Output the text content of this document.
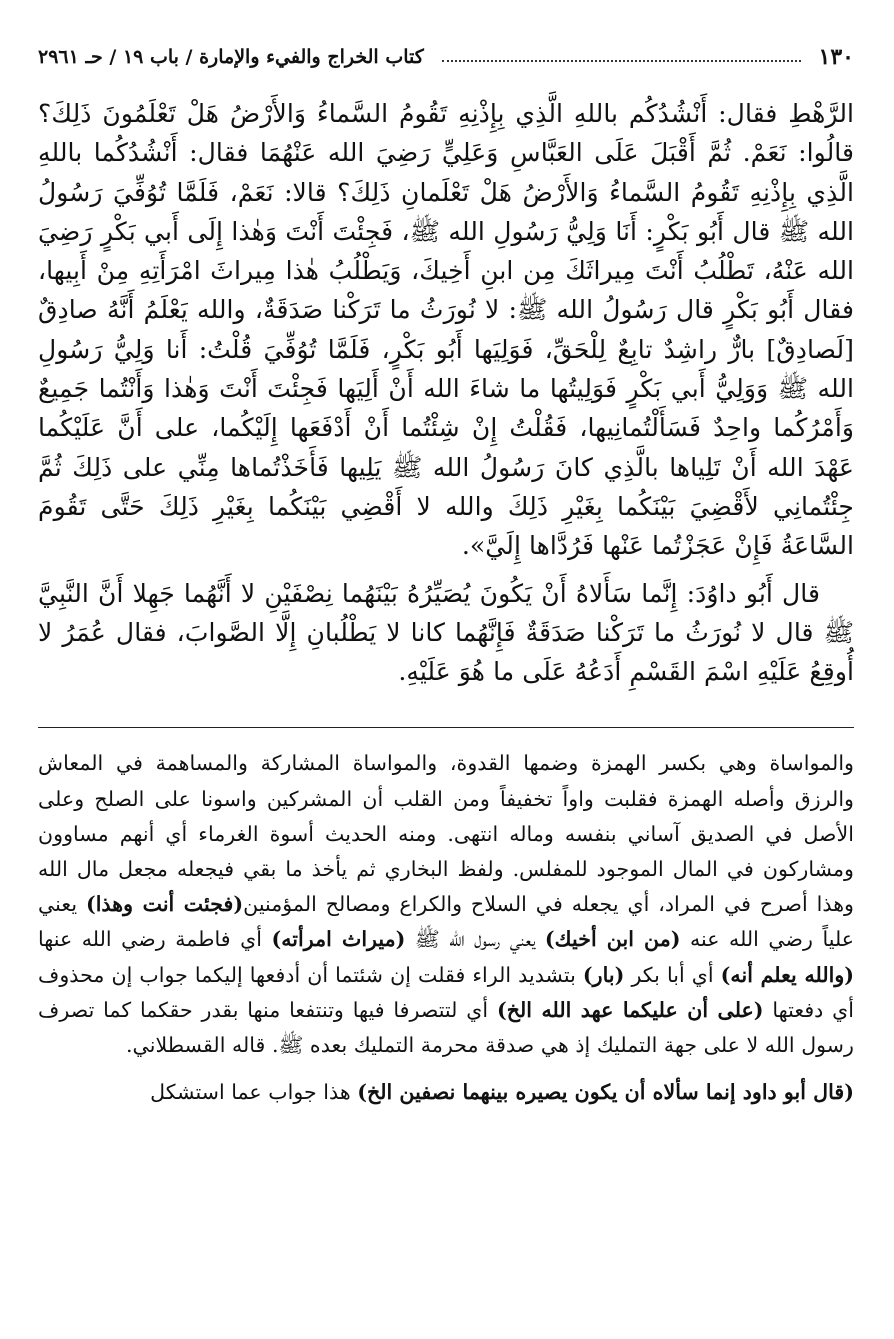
١٣٠
كتاب الخراج والفيء والإمارة / باب ١٩ / حـ ٢٩٦١

الرَّهْطِ فقال: أَنْشُدُكُم باللهِ الَّذِي بِإِذْنِهِ تَقُومُ السَّماءُ وَالأَرْضُ هَلْ تَعْلَمُونَ ذَلِكَ؟ قالُوا: نَعَمْ. ثُمَّ أَقْبَلَ عَلَى العَبَّاسِ وَعَلِيٍّ رَضِيَ الله عَنْهُمَا فقال: أَنْشُدُكُما باللهِ الَّذِي بِإِذْنِهِ تَقُومُ السَّماءُ وَالأَرْضُ هَلْ تَعْلَمانِ ذَلِكَ؟ قالا: نَعَمْ، فَلَمَّا تُوُفِّيَ رَسُولُ الله ﷺ قال أَبُو بَكْرٍ: أَنَا وَلِيُّ رَسُولِ الله ﷺ، فَجِئْتَ أَنْتَ وَهٰذا إِلَى أَبي بَكْرٍ رَضِيَ الله عَنْهُ، تَطْلُبُ أَنْتَ مِيراثَكَ مِن ابنِ أَخِيكَ، وَيَطْلُبُ هٰذا مِيراثَ امْرَأَتِهِ مِنْ أَبِيها، فقال أَبُو بَكْرٍ قال رَسُولُ الله ﷺ: لا نُورَثُ ما تَرَكْنا صَدَقَةٌ، والله يَعْلَمُ أَنَّهُ صادِقٌ [لَصادِقٌ] بارٌّ راشِدٌ تابِعٌ لِلْحَقِّ، فَوَلِيَها أَبُو بَكْرٍ، فَلَمَّا تُوُفِّيَ قُلْتُ: أَنا وَلِيُّ رَسُولِ الله ﷺ وَوَلِيُّ أَبي بَكْرٍ فَوَلِيتُها ما شاءَ الله أَنْ أَلِيَها فَجِئْتَ أَنْتَ وَهٰذا وَأَنْتُما جَمِيعٌ وَأَمْرُكُما واحِدٌ فَسَأَلْتُمانِيها، فَقُلْتُ إِنْ شِئْتُما أَنْ أَدْفَعَها إِلَيْكُما، على أَنَّ عَلَيْكُما عَهْدَ الله أَنْ تَلِياها بالَّذِي كانَ رَسُولُ الله ﷺ يَلِيها فَأَخَذْتُماها مِنِّي على ذَلِكَ ثُمَّ جِئْتُمانِي لأَقْضِيَ بَيْنَكُما بِغَيْرِ ذَلِكَ والله لا أَقْضِي بَيْنَكُما بِغَيْرِ ذَلِكَ حَتَّى تَقُومَ السَّاعَةُ فَإِنْ عَجَزْتُما عَنْها فَرُدَّاها إِلَيَّ».

قال أَبُو داوُدَ: إِنَّما سَأَلاهُ أَنْ يَكُونَ يُصَيِّرُهُ بَيْنَهُما نِصْفَيْنِ لا أَنَّهُما جَهِلا أَنَّ النَّبِيَّ ﷺ قال لا نُورَثُ ما تَرَكْنا صَدَقَةٌ فَإِنَّهُما كانا لا يَطْلُبانِ إِلَّا الصَّوابَ، فقال عُمَرُ لا أُوقِعُ عَلَيْهِ اسْمَ القَسْمِ أَدَعُهُ عَلَى ما هُوَ عَلَيْهِ.

والمواساة وهي بكسر الهمزة وضمها القدوة، والمواساة المشاركة والمساهمة في المعاش والرزق وأصله الهمزة فقلبت واواً تخفيفاً ومن القلب أن المشركين واسونا على الصلح وعلى الأصل في الصديق آساني بنفسه وماله انتهى. ومنه الحديث أسوة الغرماء أي أنهم مساوون ومشاركون في المال الموجود للمفلس. ولفظ البخاري ثم يأخذ ما بقي فيجعله مجعل مال الله وهذا أصرح في المراد، أي يجعله في السلاح والكراع ومصالح المؤمنين(فجئت أنت وهذا) يعني علياً رضي الله عنه (من ابن أخيك) يعني رسول الله ﷺ (ميراث امرأته) أي فاطمة رضي الله عنها (والله يعلم أنه) أي أبا بكر (بار) بتشديد الراء فقلت إن شئتما أن أدفعها إليكما جواب إن محذوف أي دفعتها (على أن عليكما عهد الله الخ) أي لتتصرفا فيها وتنتفعا منها بقدر حقكما كما تصرف رسول الله لا على جهة التمليك إذ هي صدقة محرمة التمليك بعده ﷺ. قاله القسطلاني.

(قال أبو داود إنما سألاه أن يكون يصيره بينهما نصفين الخ) هذا جواب عما استشكل
